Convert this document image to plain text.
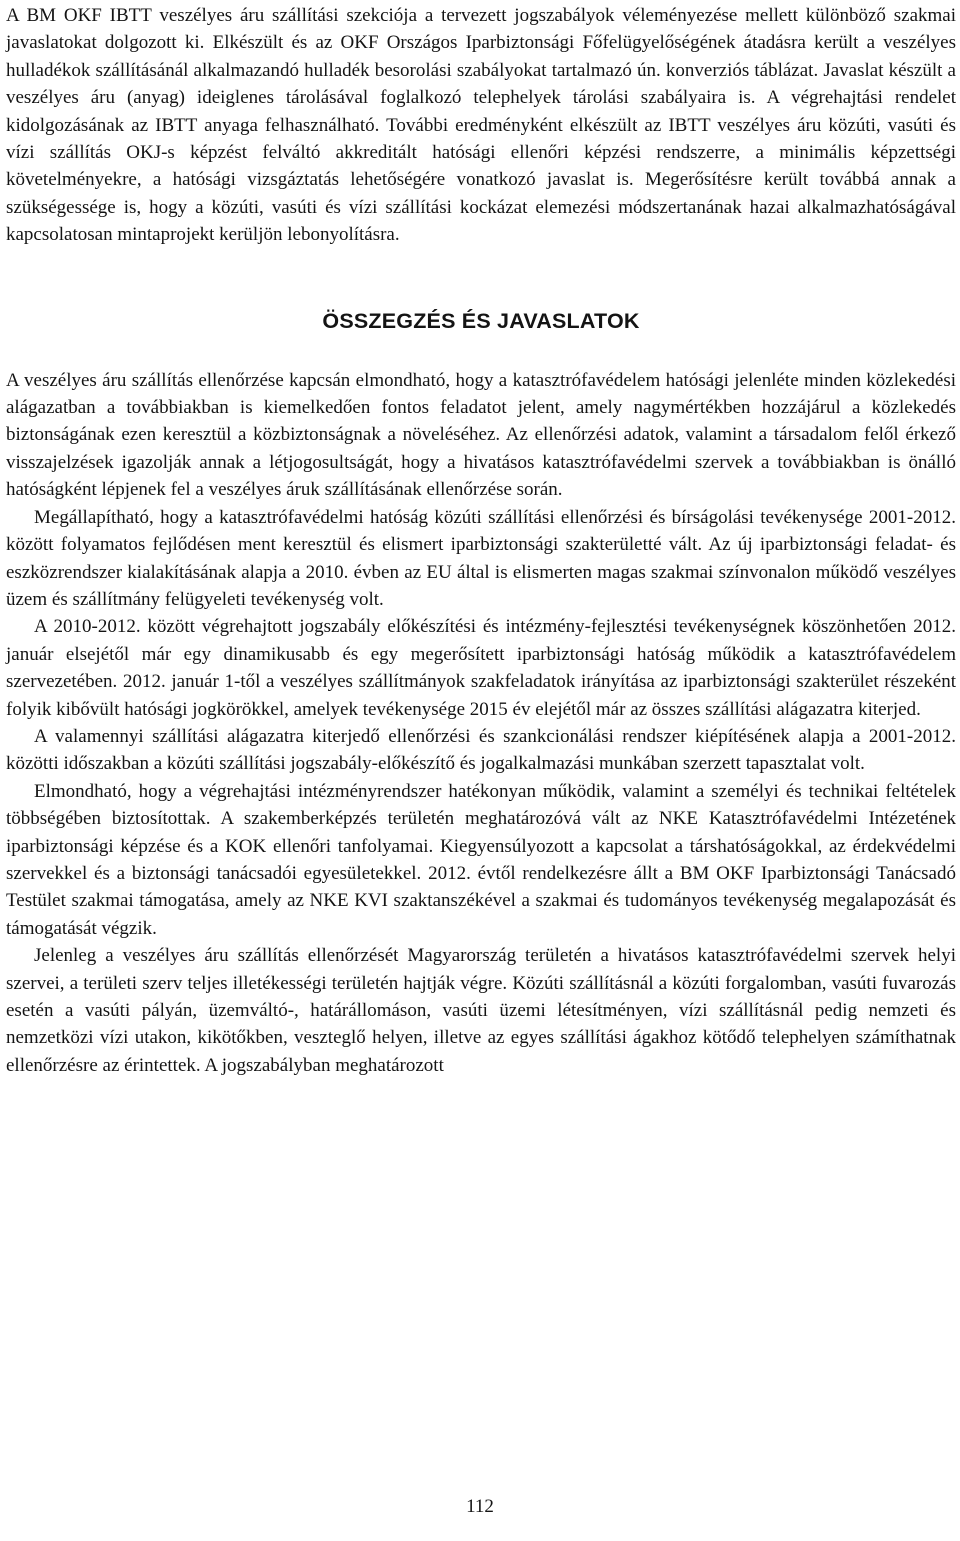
A BM OKF IBTT veszélyes áru szállítási szekciója a tervezett jogszabályok véleményezése mellett különböző szakmai javaslatokat dolgozott ki. Elkészült és az OKF Országos Iparbiztonsági Főfelügyelőségének átadásra került a veszélyes hulladékok szállításánál alkalmazandó hulladék besorolási szabályokat tartalmazó ún. konverziós táblázat. Javaslat készült a veszélyes áru (anyag) ideiglenes tárolásával foglalkozó telephelyek tárolási szabályaira is. A végrehajtási rendelet kidolgozásának az IBTT anyaga felhasználható. További eredményként elkészült az IBTT veszélyes áru közúti, vasúti és vízi szállítás OKJ-s képzést felváltó akkreditált hatósági ellenőri képzési rendszerre, a minimális képzettségi követelményekre, a hatósági vizsgáztatás lehetőségére vonatkozó javaslat is. Megerősítésre került továbbá annak a szükségessége is, hogy a közúti, vasúti és vízi szállítási kockázat elemezési módszertanának hazai alkalmazhatóságával kapcsolatosan mintaprojekt kerüljön lebonyolításra.

ÖSSZEGZÉS ÉS JAVASLATOK

A veszélyes áru szállítás ellenőrzése kapcsán elmondható, hogy a katasztrófavédelem hatósági jelenléte minden közlekedési alágazatban a továbbiakban is kiemelkedően fontos feladatot jelent, amely nagymértékben hozzájárul a közlekedés biztonságának ezen keresztül a közbiztonságnak a növeléséhez. Az ellenőrzési adatok, valamint a társadalom felől érkező visszajelzések igazolják annak a létjogosultságát, hogy a hivatásos katasztrófavédelmi szervek a továbbiakban is önálló hatóságként lépjenek fel a veszélyes áruk szállításának ellenőrzése során.

Megállapítható, hogy a katasztrófavédelmi hatóság közúti szállítási ellenőrzési és bírságolási tevékenysége 2001-2012. között folyamatos fejlődésen ment keresztül és elismert iparbiztonsági szakterületté vált. Az új iparbiztonsági feladat- és eszközrendszer kialakításának alapja a 2010. évben az EU által is elismerten magas szakmai színvonalon működő veszélyes üzem és szállítmány felügyeleti tevékenység volt.

A 2010-2012. között végrehajtott jogszabály előkészítési és intézmény-fejlesztési tevékenységnek köszönhetően 2012. január elsejétől már egy dinamikusabb és egy megerősített iparbiztonsági hatóság működik a katasztrófavédelem szervezetében. 2012. január 1-től a veszélyes szállítmányok szakfeladatok irányítása az iparbiztonsági szakterület részeként folyik kibővült hatósági jogkörökkel, amelyek tevékenysége 2015 év elejétől már az összes szállítási alágazatra kiterjed.

A valamennyi szállítási alágazatra kiterjedő ellenőrzési és szankcionálási rendszer kiépítésének alapja a 2001-2012. közötti időszakban a közúti szállítási jogszabály-előkészítő és jogalkalmazási munkában szerzett tapasztalat volt.

Elmondható, hogy a végrehajtási intézményrendszer hatékonyan működik, valamint a személyi és technikai feltételek többségében biztosítottak. A szakemberképzés területén meghatározóvá vált az NKE Katasztrófavédelmi Intézetének iparbiztonsági képzése és a KOK ellenőri tanfolyamai. Kiegyensúlyozott a kapcsolat a társhatóságokkal, az érdekvédelmi szervekkel és a biztonsági tanácsadói egyesületekkel. 2012. évtől rendelkezésre állt a BM OKF Iparbiztonsági Tanácsadó Testület szakmai támogatása, amely az NKE KVI szaktanszékével a szakmai és tudományos tevékenység megalapozását és támogatását végzik.

Jelenleg a veszélyes áru szállítás ellenőrzését Magyarország területén a hivatásos katasztrófavédelmi szervek helyi szervei, a területi szerv teljes illetékességi területén hajtják végre. Közúti szállításnál a közúti forgalomban, vasúti fuvarozás esetén a vasúti pályán, üzemváltó-, határállomáson, vasúti üzemi létesítményen, vízi szállításnál pedig nemzeti és nemzetközi vízi utakon, kikötőkben, veszteglő helyen, illetve az egyes szállítási ágakhoz kötődő telephelyen számíthatnak ellenőrzésre az érintettek. A jogszabályban meghatározott

112
